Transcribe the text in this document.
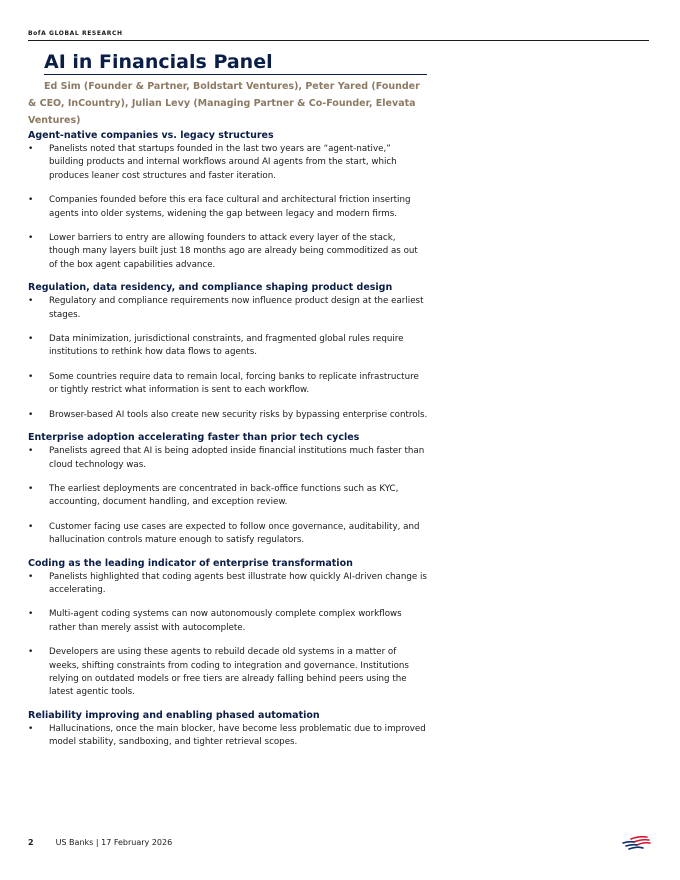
BofA GLOBAL RESEARCH
AI in Financials Panel

Ed Sim (Founder & Partner, Boldstart Ventures), Peter Yared (Founder & CEO, InCountry), Julian Levy (Managing Partner & Co-Founder, Elevata Ventures)

Agent-native companies vs. legacy structures
• Panelists noted that startups founded in the last two years are “agent-native,” building products and internal workflows around AI agents from the start, which produces leaner cost structures and faster iteration.
• Companies founded before this era face cultural and architectural friction inserting agents into older systems, widening the gap between legacy and modern firms.
• Lower barriers to entry are allowing founders to attack every layer of the stack, though many layers built just 18 months ago are already being commoditized as out of the box agent capabilities advance.
Regulation, data residency, and compliance shaping product design
• Regulatory and compliance requirements now influence product design at the earliest stages.
• Data minimization, jurisdictional constraints, and fragmented global rules require institutions to rethink how data flows to agents.
• Some countries require data to remain local, forcing banks to replicate infrastructure or tightly restrict what information is sent to each workflow.
• Browser-based AI tools also create new security risks by bypassing enterprise controls.
Enterprise adoption accelerating faster than prior tech cycles
• Panelists agreed that AI is being adopted inside financial institutions much faster than cloud technology was.
• The earliest deployments are concentrated in back-office functions such as KYC, accounting, document handling, and exception review.
• Customer facing use cases are expected to follow once governance, auditability, and hallucination controls mature enough to satisfy regulators.
Coding as the leading indicator of enterprise transformation
• Panelists highlighted that coding agents best illustrate how quickly AI-driven change is accelerating.
• Multi-agent coding systems can now autonomously complete complex workflows rather than merely assist with autocomplete.
• Developers are using these agents to rebuild decade old systems in a matter of weeks, shifting constraints from coding to integration and governance. Institutions relying on outdated models or free tiers are already falling behind peers using the latest agentic tools.
Reliability improving and enabling phased automation
• Hallucinations, once the main blocker, have become less problematic due to improved model stability, sandboxing, and tighter retrieval scopes.
2	US Banks | 17 February 2026
